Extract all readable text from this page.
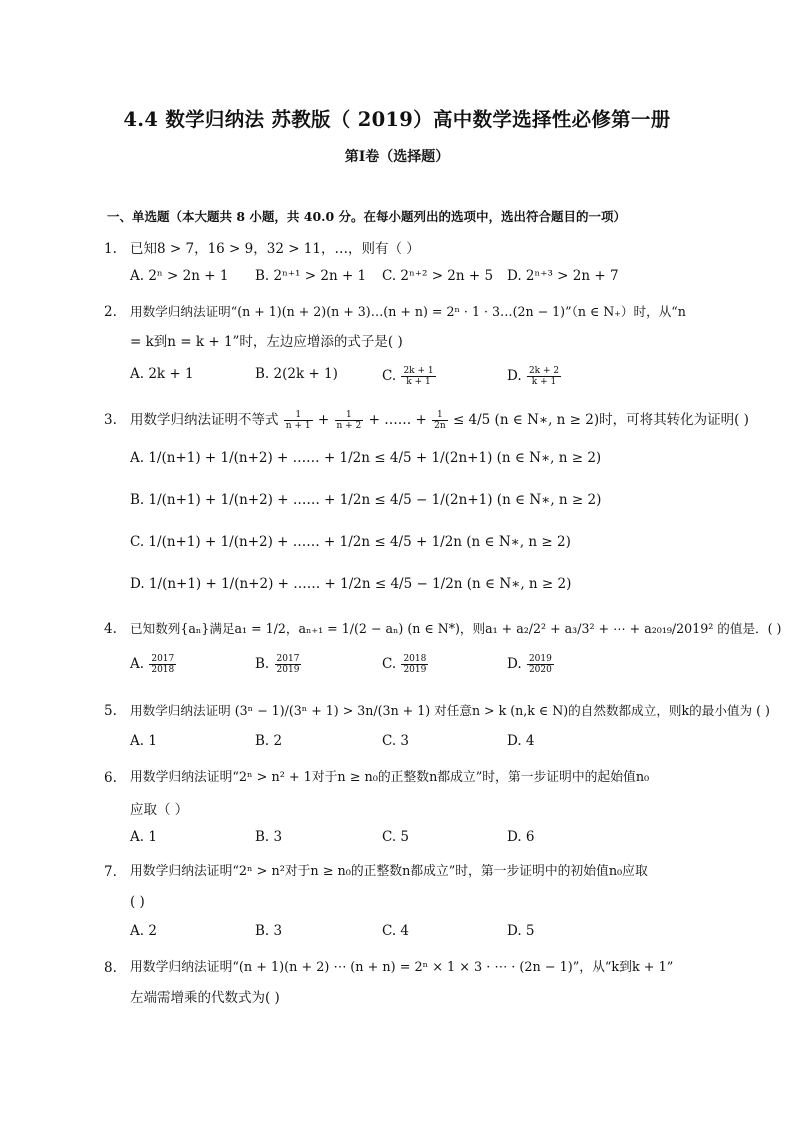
4.4 数学归纳法 苏教版（ 2019）高中数学选择性必修第一册
第Ⅰ卷（选择题）
一、单选题（本大题共 8 小题，共 40.0 分。在每小题列出的选项中，选出符合题目的一项）
1. 已知8 > 7，16 > 9，32 > 11，…，则有（ ）
A. 2ⁿ > 2n + 1 B. 2ⁿ⁺¹ > 2n + 1 C. 2ⁿ⁺² > 2n + 5 D. 2ⁿ⁺³ > 2n + 7
2. 用数学归纳法证明“(n + 1)(n + 2)(n + 3)…(n + n) = 2ⁿ · 1 · 3…(2n − 1)”（n ∈ N₊）时，从“n
= k到n = k + 1”时，左边应增添的式子是( )
A. 2k + 1	B. 2(2k + 1)	C. $\frac{2k + 1}{k + 1}$	D. $\frac{2k + 2}{k + 1}$
3. 用数学归纳法证明不等式 $\frac{1}{n + 1} + \frac{1}{n + 2}$ + …… + $\frac{1}{2n} \le 4/5$ (n ∈ N∗, n ≥ 2)时，可将其转化为证明( )
A. 1/(n+1) + 1/(n+2) + …… + 1/2n ≤ 4/5 + 1/(2n+1) (n ∈ N∗, n ≥ 2)
B. 1/(n+1) + 1/(n+2) + …… + 1/2n ≤ 4/5 − 1/(2n+1) (n ∈ N∗, n ≥ 2)
C. 1/(n+1) + 1/(n+2) + …… + 1/2n ≤ 4/5 + 1/2n (n ∈ N∗, n ≥ 2)
D. 1/(n+1) + 1/(n+2) + …… + 1/2n ≤ 4/5 − 1/2n (n ∈ N∗, n ≥ 2)
4. 已知数列{aₙ}满足a₁ = 1/2，aₙ₊₁ = 1/(2 − aₙ) (n ∈ N*)，则a₁ + a₂/2² + a₃/3² + ⋯ + a₂₀₁₉/2019² 的值是．( )
A. $\frac{2017}{2018}$	B. $\frac{2017}{2019}$	C. $\frac{2018}{2019}$	D. $\frac{2019}{2020}$
5. 用数学归纳法证明 (3ⁿ − 1)/(3ⁿ + 1) > 3n/(3n + 1) 对任意n > k (n,k ∈ N)的自然数都成立，则k的最小值为 ( )
A. 1	B. 2	C. 3	D. 4
6. 用数学归纳法证明“2ⁿ > n² + 1对于n ≥ n₀的正整数n都成立”时，第一步证明中的起始值n₀
应取（ ）
A. 1	B. 3	C. 5	D. 6
7. 用数学归纳法证明“2ⁿ > n²对于n ≥ n₀的正整数n都成立”时，第一步证明中的初始值n₀应取
( )
A. 2	B. 3	C. 4	D. 5
8. 用数学归纳法证明“(n + 1)(n + 2) ⋯ (n + n) = 2ⁿ × 1 × 3 · ⋯ · (2n − 1)”，从“k到k + 1”
左端需增乘的代数式为( )
